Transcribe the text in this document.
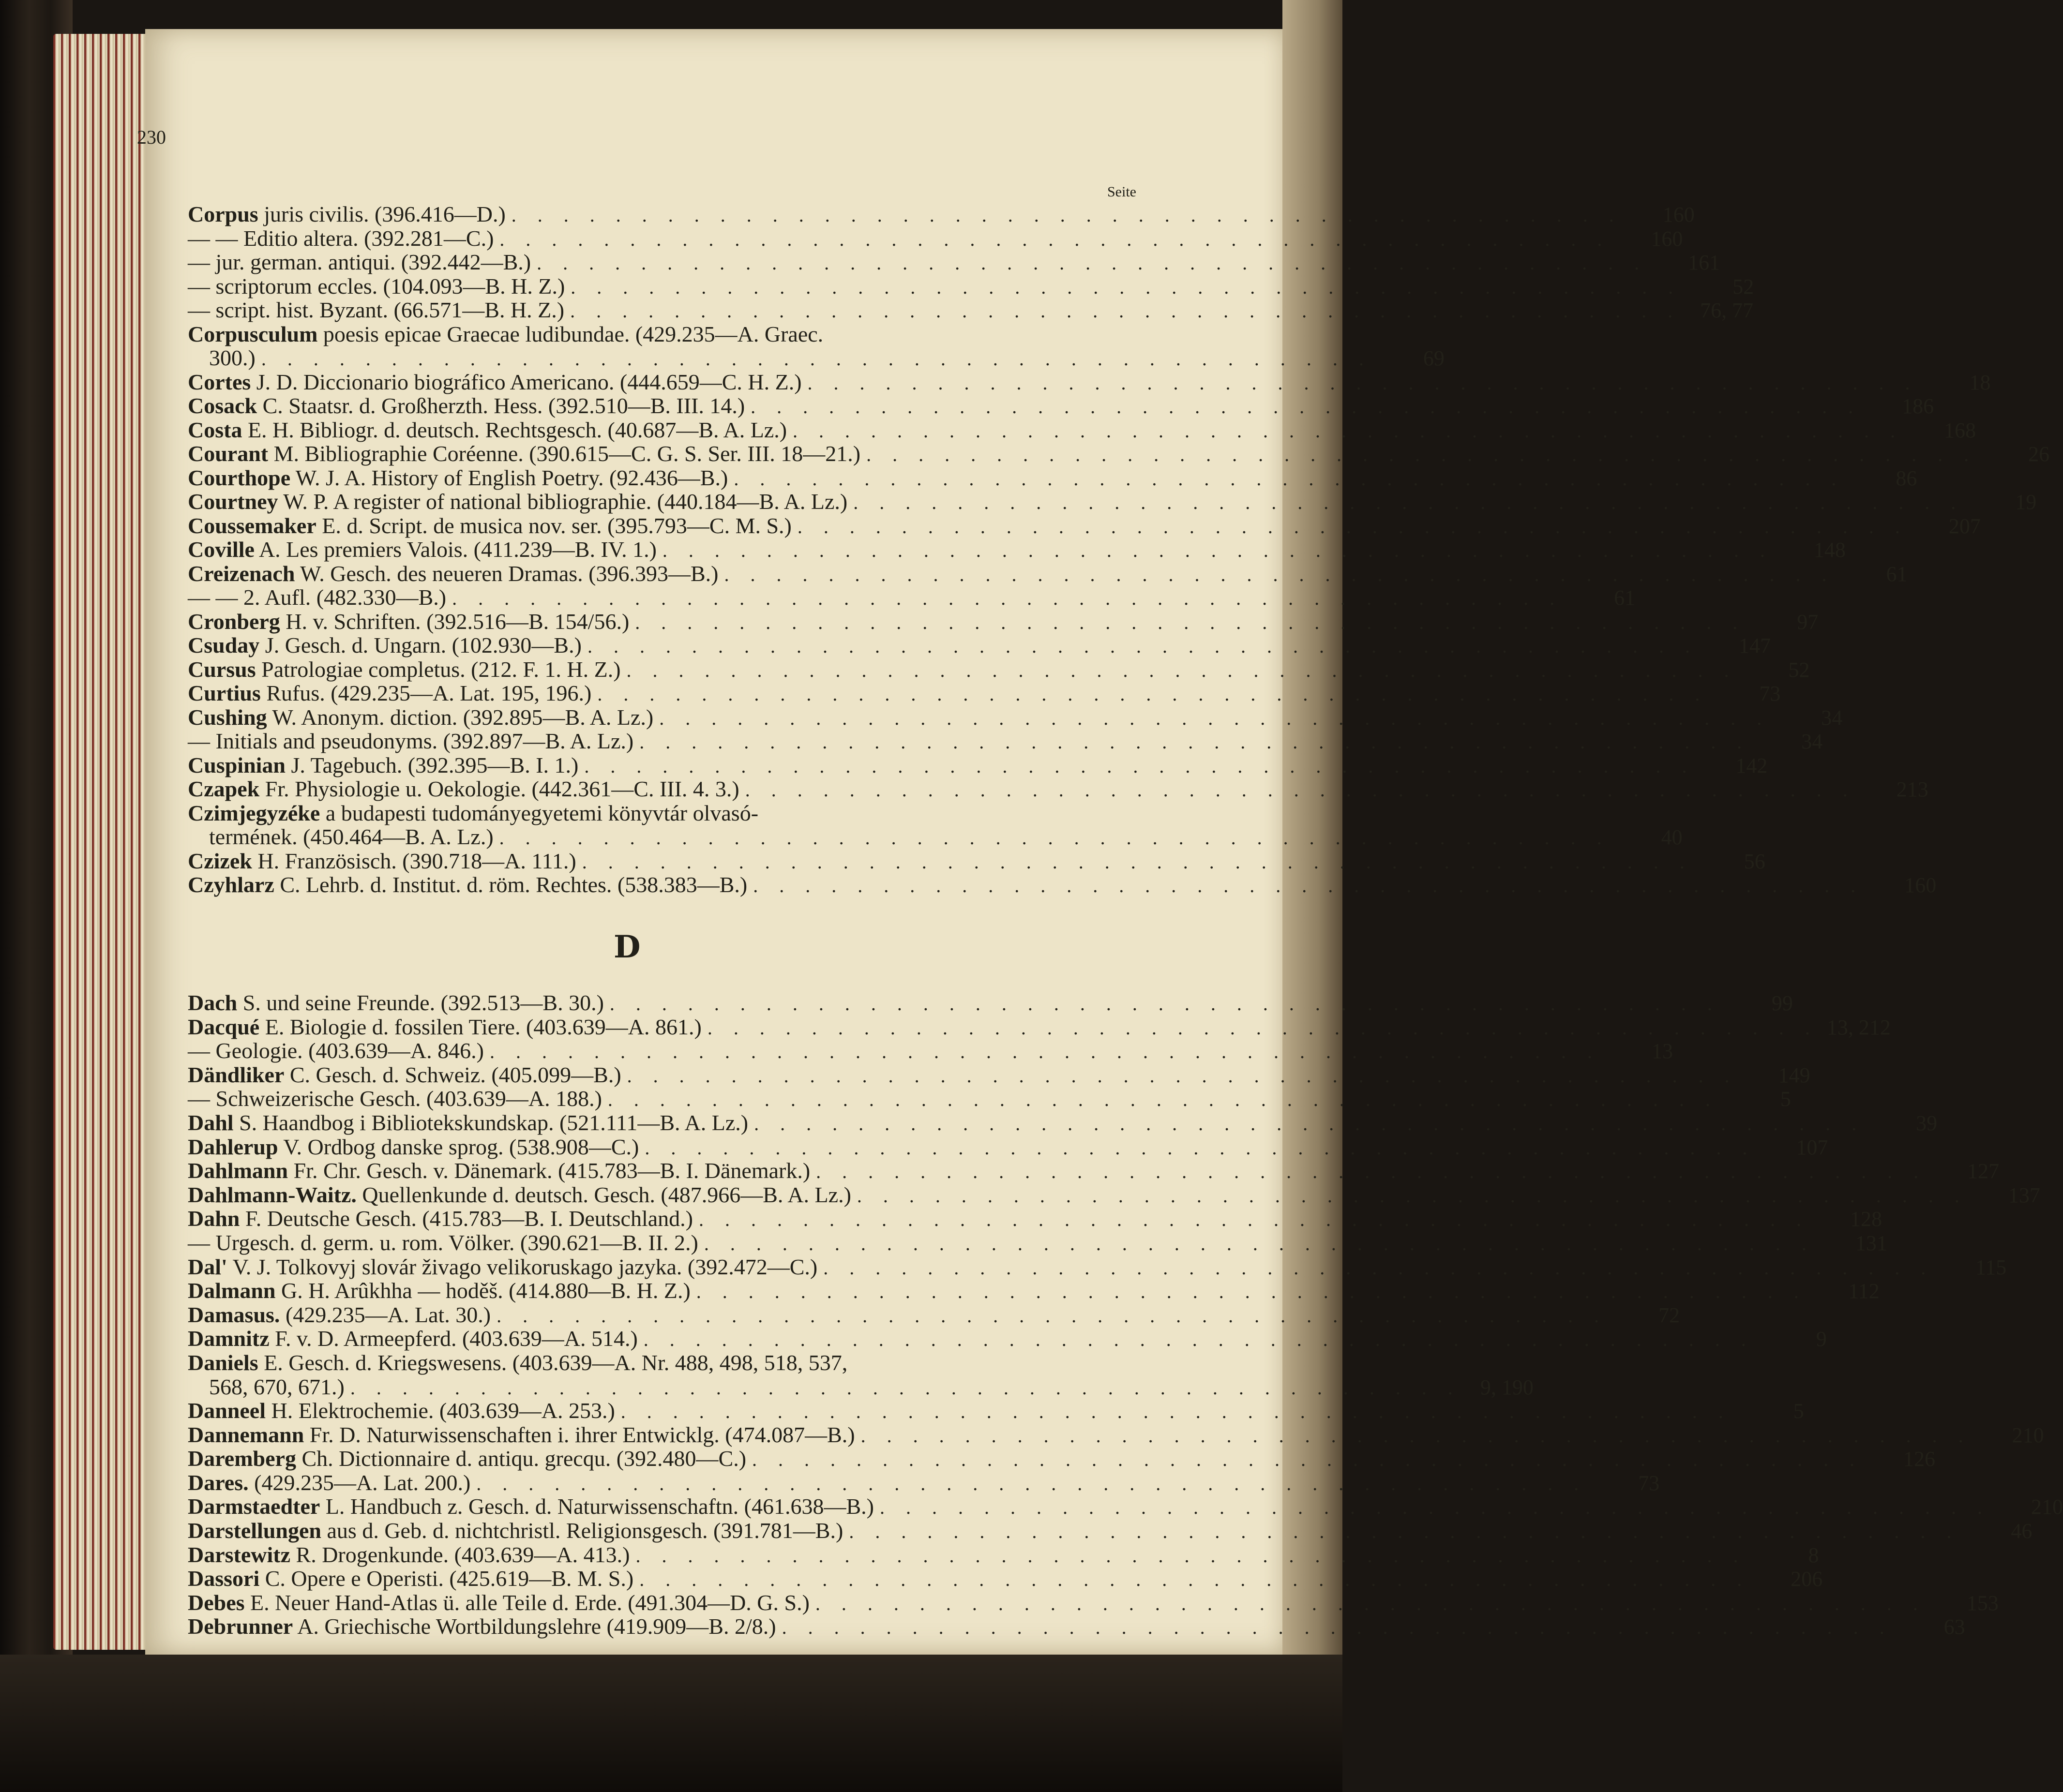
230
Seite
Corpus juris civilis. (396.416—D.) . . . . . . . . . . . . . . . . . . . . . . . . . . . . . . . . . . . . . . . . . . .	160
— — Editio altera. (392.281—C.) . . . . . . . . . . . . . . . . . . . . . . . . . . . . . . . . . . . . . . . . . . .	160
— jur. german. antiqui. (392.442—B.) . . . . . . . . . . . . . . . . . . . . . . . . . . . . . . . . . . . . . . . . . . .	161
— scriptorum eccles. (104.093—B. H. Z.) . . . . . . . . . . . . . . . . . . . . . . . . . . . . . . . . . . . . . . . . . . .	52
— script. hist. Byzant. (66.571—B. H. Z.) . . . . . . . . . . . . . . . . . . . . . . . . . . . . . . . . . . . . . . . . . . . 76, 77
Corpusculum poesis epicae Graecae ludibundae. (429.235—A. Graec.
300.) . . . . . . . . . . . . . . . . . . . . . . . . . . . . . . . . . . . . . . . . . . .	69
Cortes J. D. Diccionario biográfico Americano. (444.659—C. H. Z.) . . . . . . . . . . . . . . . . . . . . . . . . . . . . . . . . . . . . . . . . . . .	18
Cosack C. Staatsr. d. Großherzth. Hess. (392.510—B. III. 14.) . . . . . . . . . . . . . . . . . . . . . . . . . . . . . . . . . . . . . . . . . . .	186
Costa E. H. Bibliogr. d. deutsch. Rechtsgesch. (40.687—B. A. Lz.) . . . . . . . . . . . . . . . . . . . . . . . . . . . . . . . . . . . . . . . . . . .	168
Courant M. Bibliographie Coréenne. (390.615—C. G. S. Ser. III. 18—21.) . . . . . . . . . . . . . . . . . . . . . . . . . . . . . . . . . . . . . . . . . . .	26
Courthope W. J. A. History of English Poetry. (92.436—B.) . . . . . . . . . . . . . . . . . . . . . . . . . . . . . . . . . . . . . . . . . . .	86
Courtney W. P. A register of national bibliographie. (440.184—B. A. Lz.) . . . . . . . . . . . . . . . . . . . . . . . . . . . . . . . . . . . . . . . . . . .	19
Coussemaker E. d. Script. de musica nov. ser. (395.793—C. M. S.) . . . . . . . . . . . . . . . . . . . . . . . . . . . . . . . . . . . . . . . . . . .	207
Coville A. Les premiers Valois. (411.239—B. IV. 1.) . . . . . . . . . . . . . . . . . . . . . . . . . . . . . . . . . . . . . . . . . . .	148
Creizenach W. Gesch. des neueren Dramas. (396.393—B.) . . . . . . . . . . . . . . . . . . . . . . . . . . . . . . . . . . . . . . . . . . .	61
— — 2. Aufl. (482.330—B.) . . . . . . . . . . . . . . . . . . . . . . . . . . . . . . . . . . . . . . . . . . .	61
Cronberg H. v. Schriften. (392.516—B. 154/56.) . . . . . . . . . . . . . . . . . . . . . . . . . . . . . . . . . . . . . . . . . . .	97
Csuday J. Gesch. d. Ungarn. (102.930—B.) . . . . . . . . . . . . . . . . . . . . . . . . . . . . . . . . . . . . . . . . . . .	147
Cursus Patrologiae completus. (212. F. 1. H. Z.) . . . . . . . . . . . . . . . . . . . . . . . . . . . . . . . . . . . . . . . . . . .	52
Curtius Rufus. (429.235—A. Lat. 195, 196.) . . . . . . . . . . . . . . . . . . . . . . . . . . . . . . . . . . . . . . . . . . .	73
Cushing W. Anonym. diction. (392.895—B. A. Lz.) . . . . . . . . . . . . . . . . . . . . . . . . . . . . . . . . . . . . . . . . . . .	34
— Initials and pseudonyms. (392.897—B. A. Lz.) . . . . . . . . . . . . . . . . . . . . . . . . . . . . . . . . . . . . . . . . . . .	34
Cuspinian J. Tagebuch. (392.395—B. I. 1.) . . . . . . . . . . . . . . . . . . . . . . . . . . . . . . . . . . . . . . . . . . .	142
Czapek Fr. Physiologie u. Oekologie. (442.361—C. III. 4. 3.) . . . . . . . . . . . . . . . . . . . . . . . . . . . . . . . . . . . . . . . . . . .	213
Czimjegyzéke a budapesti tudományegyetemi könyvtár olvasó-
termének. (450.464—B. A. Lz.) . . . . . . . . . . . . . . . . . . . . . . . . . . . . . . . . . . . . . . . . . . .	40
Czizek H. Französisch. (390.718—A. 111.) . . . . . . . . . . . . . . . . . . . . . . . . . . . . . . . . . . . . . . . . . . .	56
Czyhlarz C. Lehrb. d. Institut. d. röm. Rechtes. (538.383—B.) . . . . . . . . . . . . . . . . . . . . . . . . . . . . . . . . . . . . . . . . . . .	160
D
Dach S. und seine Freunde. (392.513—B. 30.) . . . . . . . . . . . . . . . . . . . . . . . . . . . . . . . . . . . . . . . . . . .	99
Dacqué E. Biologie d. fossilen Tiere. (403.639—A. 861.) . . . . . . . . . . . . . . . . . . . . . . . . . . . . . . . . . . . . . . . . . . . 13, 212
— Geologie. (403.639—A. 846.) . . . . . . . . . . . . . . . . . . . . . . . . . . . . . . . . . . . . . . . . . . .	13
Dändliker C. Gesch. d. Schweiz. (405.099—B.) . . . . . . . . . . . . . . . . . . . . . . . . . . . . . . . . . . . . . . . . . . .	149
— Schweizerische Gesch. (403.639—A. 188.) . . . . . . . . . . . . . . . . . . . . . . . . . . . . . . . . . . . . . . . . . . .	5
Dahl S. Haandbog i Bibliotekskundskap. (521.111—B. A. Lz.) . . . . . . . . . . . . . . . . . . . . . . . . . . . . . . . . . . . . . . . . . . .	39
Dahlerup V. Ordbog danske sprog. (538.908—C.) . . . . . . . . . . . . . . . . . . . . . . . . . . . . . . . . . . . . . . . . . . .	107
Dahlmann Fr. Chr. Gesch. v. Dänemark. (415.783—B. I. Dänemark.) . . . . . . . . . . . . . . . . . . . . . . . . . . . . . . . . . . . . . . . . . . .	127
Dahlmann-Waitz. Quellenkunde d. deutsch. Gesch. (487.966—B. A. Lz.) . . . . . . . . . . . . . . . . . . . . . . . . . . . . . . . . . . . . . . . . . . .	137
Dahn F. Deutsche Gesch. (415.783—B. I. Deutschland.) . . . . . . . . . . . . . . . . . . . . . . . . . . . . . . . . . . . . . . . . . . .	128
— Urgesch. d. germ. u. rom. Völker. (390.621—B. II. 2.) . . . . . . . . . . . . . . . . . . . . . . . . . . . . . . . . . . . . . . . . . . .	131
Dal' V. J. Tolkovyj slovár živago velikoruskago jazyka. (392.472—C.) . . . . . . . . . . . . . . . . . . . . . . . . . . . . . . . . . . . . . . . . . . .	115
Dalmann G. H. Arûkhha — hoděš. (414.880—B. H. Z.) . . . . . . . . . . . . . . . . . . . . . . . . . . . . . . . . . . . . . . . . . . .	112
Damasus. (429.235—A. Lat. 30.) . . . . . . . . . . . . . . . . . . . . . . . . . . . . . . . . . . . . . . . . . . .	72
Damnitz F. v. D. Armeepferd. (403.639—A. 514.) . . . . . . . . . . . . . . . . . . . . . . . . . . . . . . . . . . . . . . . . . . .	9
Daniels E. Gesch. d. Kriegswesens. (403.639—A. Nr. 488, 498, 518, 537,
568, 670, 671.) . . . . . . . . . . . . . . . . . . . . . . . . . . . . . . . . . . . . . . . . . . . 9, 190
Danneel H. Elektrochemie. (403.639—A. 253.) . . . . . . . . . . . . . . . . . . . . . . . . . . . . . . . . . . . . . . . . . . .	5
Dannemann Fr. D. Naturwissenschaften i. ihrer Entwicklg. (474.087—B.) . . . . . . . . . . . . . . . . . . . . . . . . . . . . . . . . . . . . . . . . . . .	210
Daremberg Ch. Dictionnaire d. antiqu. grecqu. (392.480—C.) . . . . . . . . . . . . . . . . . . . . . . . . . . . . . . . . . . . . . . . . . . .	126
Dares. (429.235—A. Lat. 200.) . . . . . . . . . . . . . . . . . . . . . . . . . . . . . . . . . . . . . . . . . . .	73
Darmstaedter L. Handbuch z. Gesch. d. Naturwissenschaftn. (461.638—B.) . . . . . . . . . . . . . . . . . . . . . . . . . . . . . . . . . . . . . . . . . . .	210
Darstellungen aus d. Geb. d. nichtchristl. Religionsgesch. (391.781—B.) . . . . . . . . . . . . . . . . . . . . . . . . . . . . . . . . . . . . . . . . . . .	46
Darstewitz R. Drogenkunde. (403.639—A. 413.) . . . . . . . . . . . . . . . . . . . . . . . . . . . . . . . . . . . . . . . . . . .	8
Dassori C. Opere e Operisti. (425.619—B. M. S.) . . . . . . . . . . . . . . . . . . . . . . . . . . . . . . . . . . . . . . . . . . .	206
Debes E. Neuer Hand-Atlas ü. alle Teile d. Erde. (491.304—D. G. S.) . . . . . . . . . . . . . . . . . . . . . . . . . . . . . . . . . . . . . . . . . . .	153
Debrunner A. Griechische Wortbildungslehre (419.909—B. 2/8.) . . . . . . . . . . . . . . . . . . . . . . . . . . . . . . . . . . . . . . . . . . .	63
